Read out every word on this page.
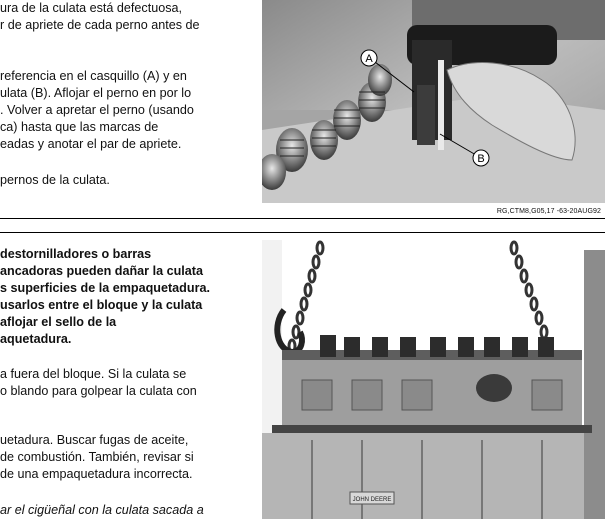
ura de la culata está defectuosa,
r de apriete de cada perno antes de
referencia en el casquillo (A) y en
ulata (B). Aflojar el perno en por lo
. Volver a apretar el perno (usando
ca) hasta que las marcas de
eadas y anotar el par de apriete.
pernos de la culata.
A
B
RG,CTM8,G05,17 -63-20AUG92
destornilladores o barras
ancadoras pueden dañar la culata
s superficies de la empaquetadura.
usarlos entre el bloque y la culata
aflojar el sello de la
aquetadura.
a fuera del bloque. Si la culata se
o blando para golpear la culata con
uetadura. Buscar fugas de aceite,
de combustión. También, revisar si
de una empaquetadura incorrecta.
ar el cigüeñal con la culata sacada a
JOHN DEERE
